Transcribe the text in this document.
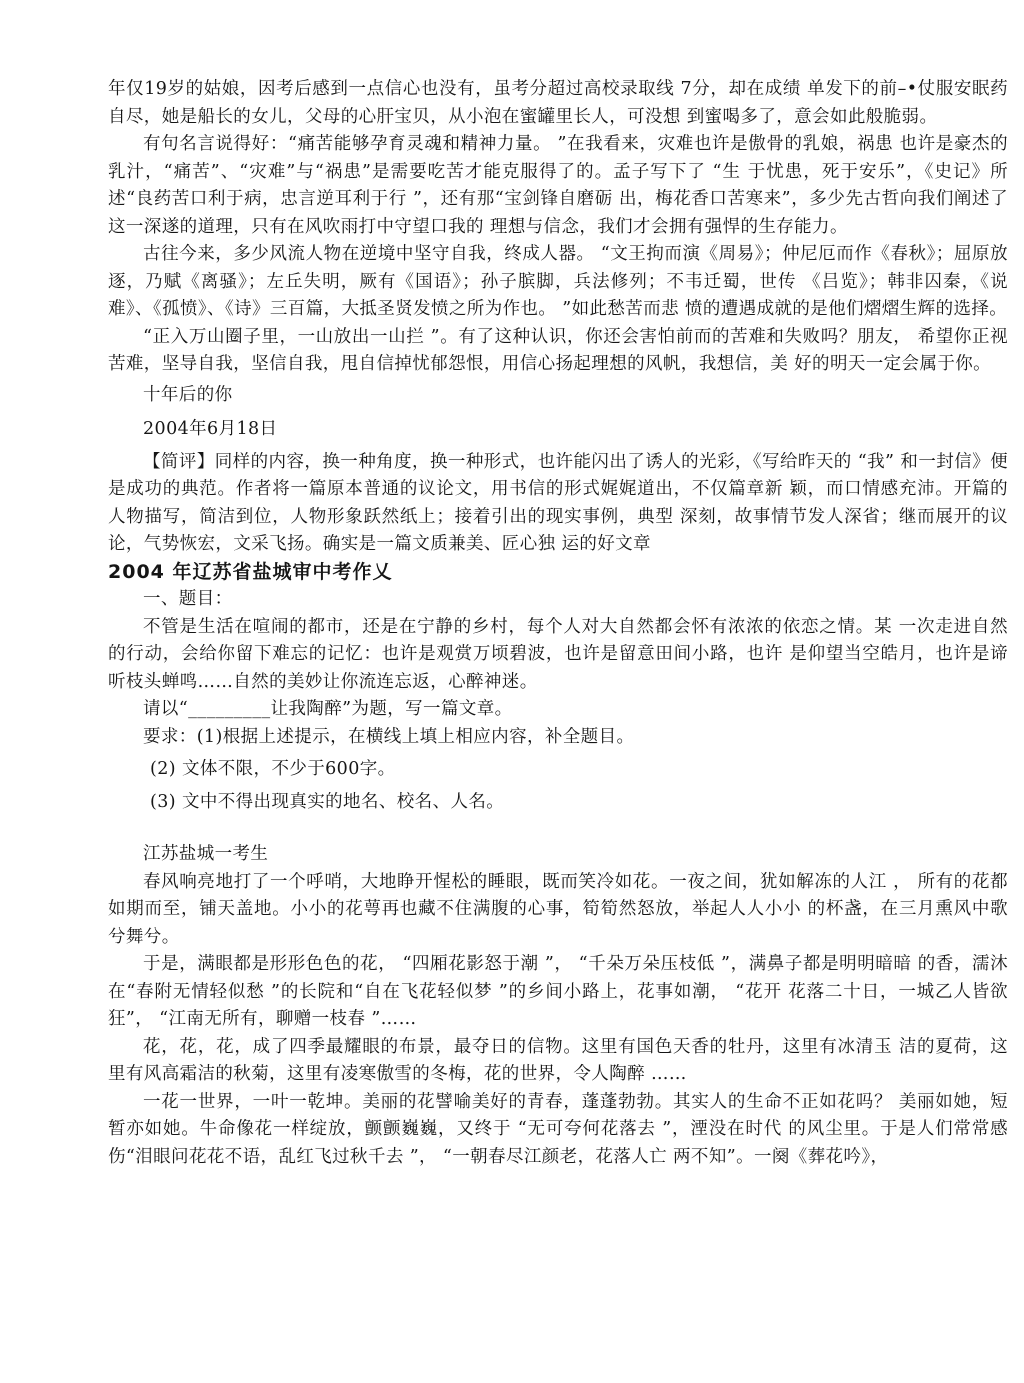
年仅19岁的姑娘，因考后感到一点信心也没有，虽考分超过高校录取线 7分，却在成绩 单发下的前–•仗服安眠药自尽，她是船长的女儿，父母的心肝宝贝，从小泡在蜜罐里长人，可没想 到蜜喝多了，意会如此般脆弱。

有句名言说得好：“痛苦能够孕育灵魂和精神力量。 ”在我看来，灾难也许是傲骨的乳娘，祸患 也许是豪杰的乳汁，“痛苦”、“灾难”与“祸患”是需要吃苦才能克服得了的。孟子写下了 “生 于忧患，死于安乐”，《史记》所述“良药苦口利于病，忠言逆耳利于行 ”，还有那“宝剑锋自磨砺 出，梅花香口苦寒来”，多少先古哲向我们阐述了这一深遂的道理，只有在风吹雨打中守望口我的 理想与信念，我们才会拥有强悍的生存能力。

古往今来，多少风流人物在逆境中坚守自我，终成人器。 “文王拘而演《周易》；仲尼厄而作《春秋》；屈原放逐，乃赋《离骚》；左丘失明，厥有《国语》；孙子膑脚，兵法修列；不韦迁蜀，世传 《吕览》；韩非囚秦，《说难》、《孤愤》、《诗》三百篇，大抵圣贤发愤之所为作也。 ”如此愁苦而悲 愤的遭遇成就的是他们熠熠生辉的选择。

“正入万山圈子里，一山放出一山拦 ”。有了这种认识，你还会害怕前而的苦难和失败吗？朋友， 希望你正视苦难，坚导自我，坚信自我，甩自信掉忧郁怨恨，用信心扬起理想的风帆，我想信，美 好的明天一定会属于你。

十年后的你

2004年6月18日

【简评】同样的内容，换一种角度，换一种形式，也许能闪出了诱人的光彩，《写给昨天的 “我” 和一封信》便是成功的典范。作者将一篇原本普通的议论文，用书信的形式娓娓道出，不仅篇章新 颖，而口情感充沛。开篇的人物描写，简洁到位，人物形象跃然纸上；接着引出的现实事例，典型 深刻，故事情节发人深省；继而展开的议论，气势恢宏，文采飞扬。确实是一篇文质兼美、匠心独 运的好文章

2004 年辽苏省盐城审中考作乂

一、题目：

不管是生活在喧闹的都市，还是在宁静的乡村，每个人对大自然都会怀有浓浓的依恋之情。某 一次走进自然的行动，会给你留下难忘的记忆：也许是观赏万顷碧波，也许是留意田间小路，也许 是仰望当空皓月，也许是谛听枝头蝉鸣……自然的美妙让你流连忘返，心醉神迷。

请以“_________让我陶醉”为题，写一篇文章。

要求：(1)根据上述提示，在横线上填上相应内容，补全题目。

(2) 文体不限，不少于600字。

(3) 文中不得出现真实的地名、校名、人名。

江苏盐城一考生

春风响亮地打了一个呼哨，大地睁开惺松的睡眼，既而笑冷如花。一夜之间，犹如解冻的人江 ， 所有的花都如期而至，铺天盖地。小小的花萼再也藏不住满腹的心事，筍筍然怒放，举起人人小小 的杯盏，在三月熏风中歌兮舞兮。

于是，满眼都是形形色色的花， “四厢花影怒于潮 ”， “千朵万朵压枝低 ”，满鼻子都是明明暗暗 的香，濡沐在“春附无情轻似愁 ”的长院和“自在飞花轻似梦 ”的乡间小路上，花事如潮， “花开 花落二十日，一城乙人皆欲狂”， “江南无所有，聊赠一枝春 ”……

花，花，花，成了四季最耀眼的布景，最夺日的信物。这里有国色天香的牡丹，这里有冰清玉 洁的夏荷，这里有风高霜洁的秋菊，这里有凌寒傲雪的冬梅，花的世界，令人陶醉 ……

一花一世界，一叶一乾坤。美丽的花譬喻美好的青春，蓬蓬勃勃。其实人的生命不正如花吗？ 美丽如她，短暂亦如她。牛命像花一样绽放，颤颤巍巍，又终于 “无可夸何花落去 ”，湮没在时代 的风尘里。于是人们常常感伤“泪眼问花花不语，乱红飞过秋千去 ”， “一朝春尽江颜老，花落人亡 两不知”。一阕《葬花吟》，
